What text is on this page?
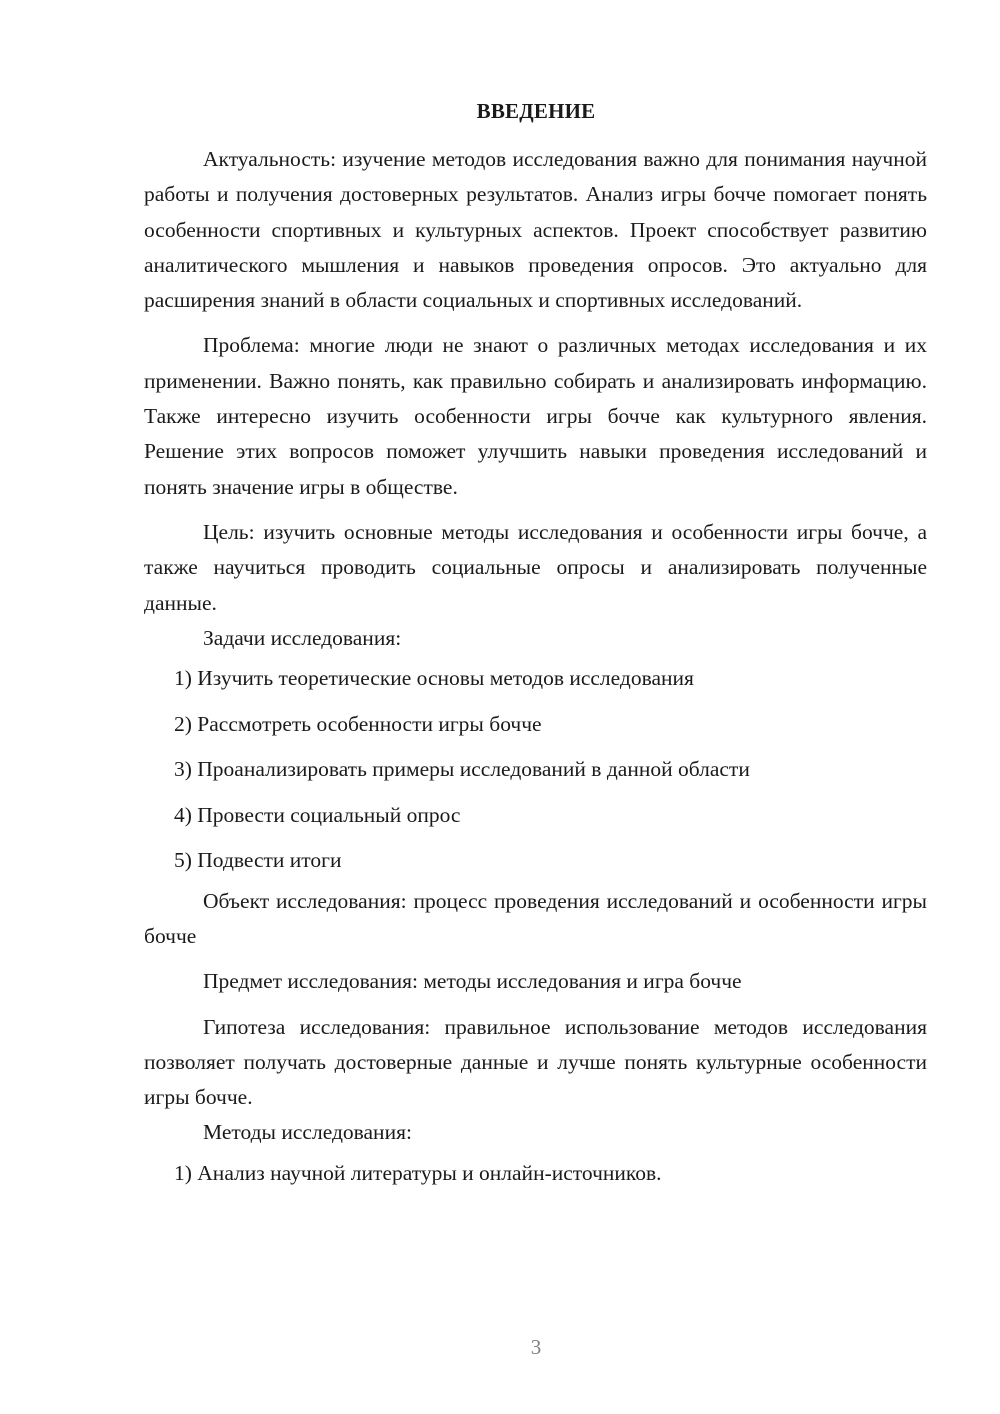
ВВЕДЕНИЕ

Актуальность: изучение методов исследования важно для понимания научной работы и получения достоверных результатов. Анализ игры бочче помогает понять особенности спортивных и культурных аспектов. Проект способствует развитию аналитического мышления и навыков проведения опросов. Это актуально для расширения знаний в области социальных и спортивных исследований.

Проблема: многие люди не знают о различных методах исследования и их применении. Важно понять, как правильно собирать и анализировать информацию. Также интересно изучить особенности игры бочче как культурного явления. Решение этих вопросов поможет улучшить навыки проведения исследований и понять значение игры в обществе.

Цель: изучить основные методы исследования и особенности игры бочче, а также научиться проводить социальные опросы и анализировать полученные данные.

Задачи исследования:

1) Изучить теоретические основы методов исследования

2) Рассмотреть особенности игры бочче

3) Проанализировать примеры исследований в данной области

4) Провести социальный опрос

5) Подвести итоги

Объект исследования: процесс проведения исследований и особенности игры бочче

Предмет исследования: методы исследования и игра бочче

Гипотеза исследования: правильное использование методов исследования позволяет получать достоверные данные и лучше понять культурные особенности игры бочче.

Методы исследования:

1) Анализ научной литературы и онлайн-источников.

3
